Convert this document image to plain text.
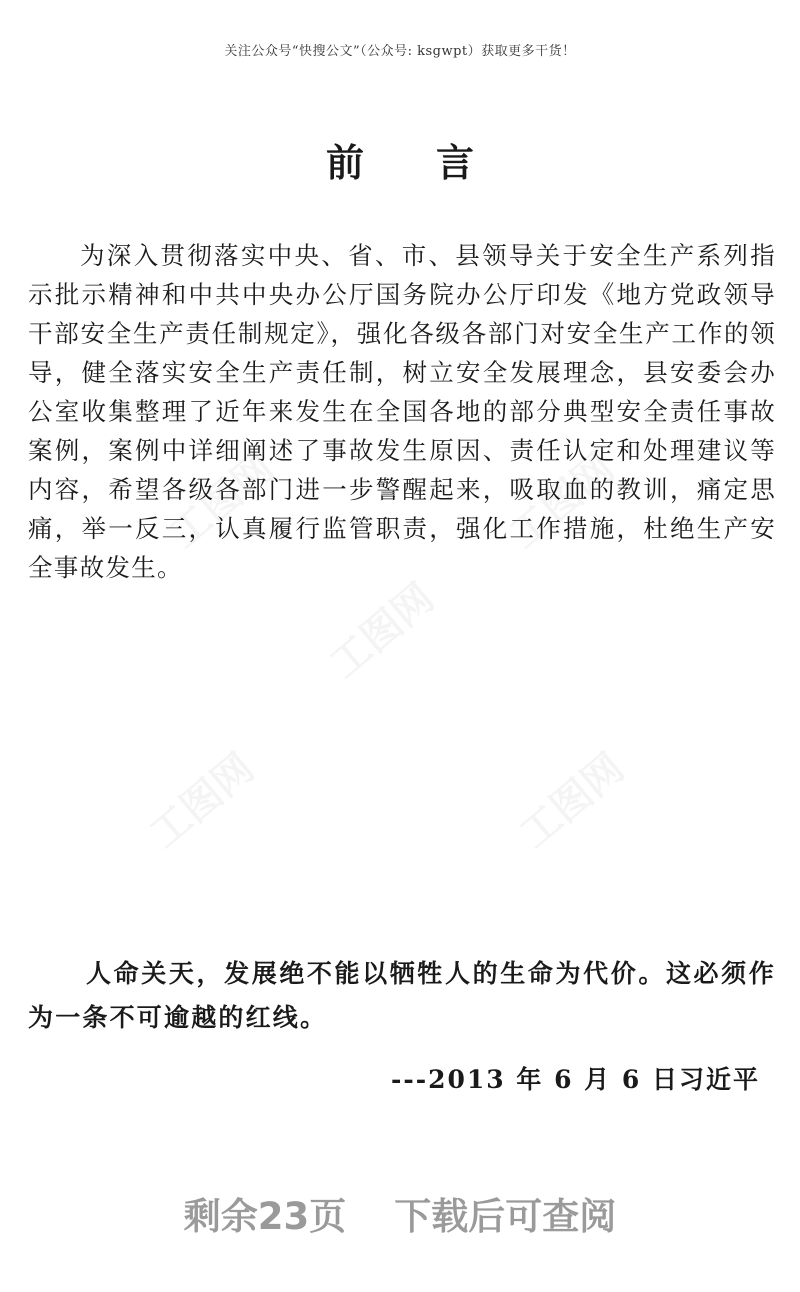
关注公众号“快搜公文”（公众号: ksgwpt）获取更多干货！
前言
为深入贯彻落实中央、省、市、县领导关于安全生产系列指示批示精神和中共中央办公厅国务院办公厅印发《地方党政领导干部安全生产责任制规定》，强化各级各部门对安全生产工作的领导，健全落实安全生产责任制，树立安全发展理念，县安委会办公室收集整理了近年来发生在全国各地的部分典型安全责任事故案例，案例中详细阐述了事故发生原因、责任认定和处理建议等内容，希望各级各部门进一步警醒起来，吸取血的教训，痛定思痛，举一反三，认真履行监管职责，强化工作措施，杜绝生产安全事故发生。
人命关天，发展绝不能以牺牲人的生命为代价。这必须作为一条不可逾越的红线。
---2013 年 6 月 6 日习近平
剩余23页 下载后可查阅
